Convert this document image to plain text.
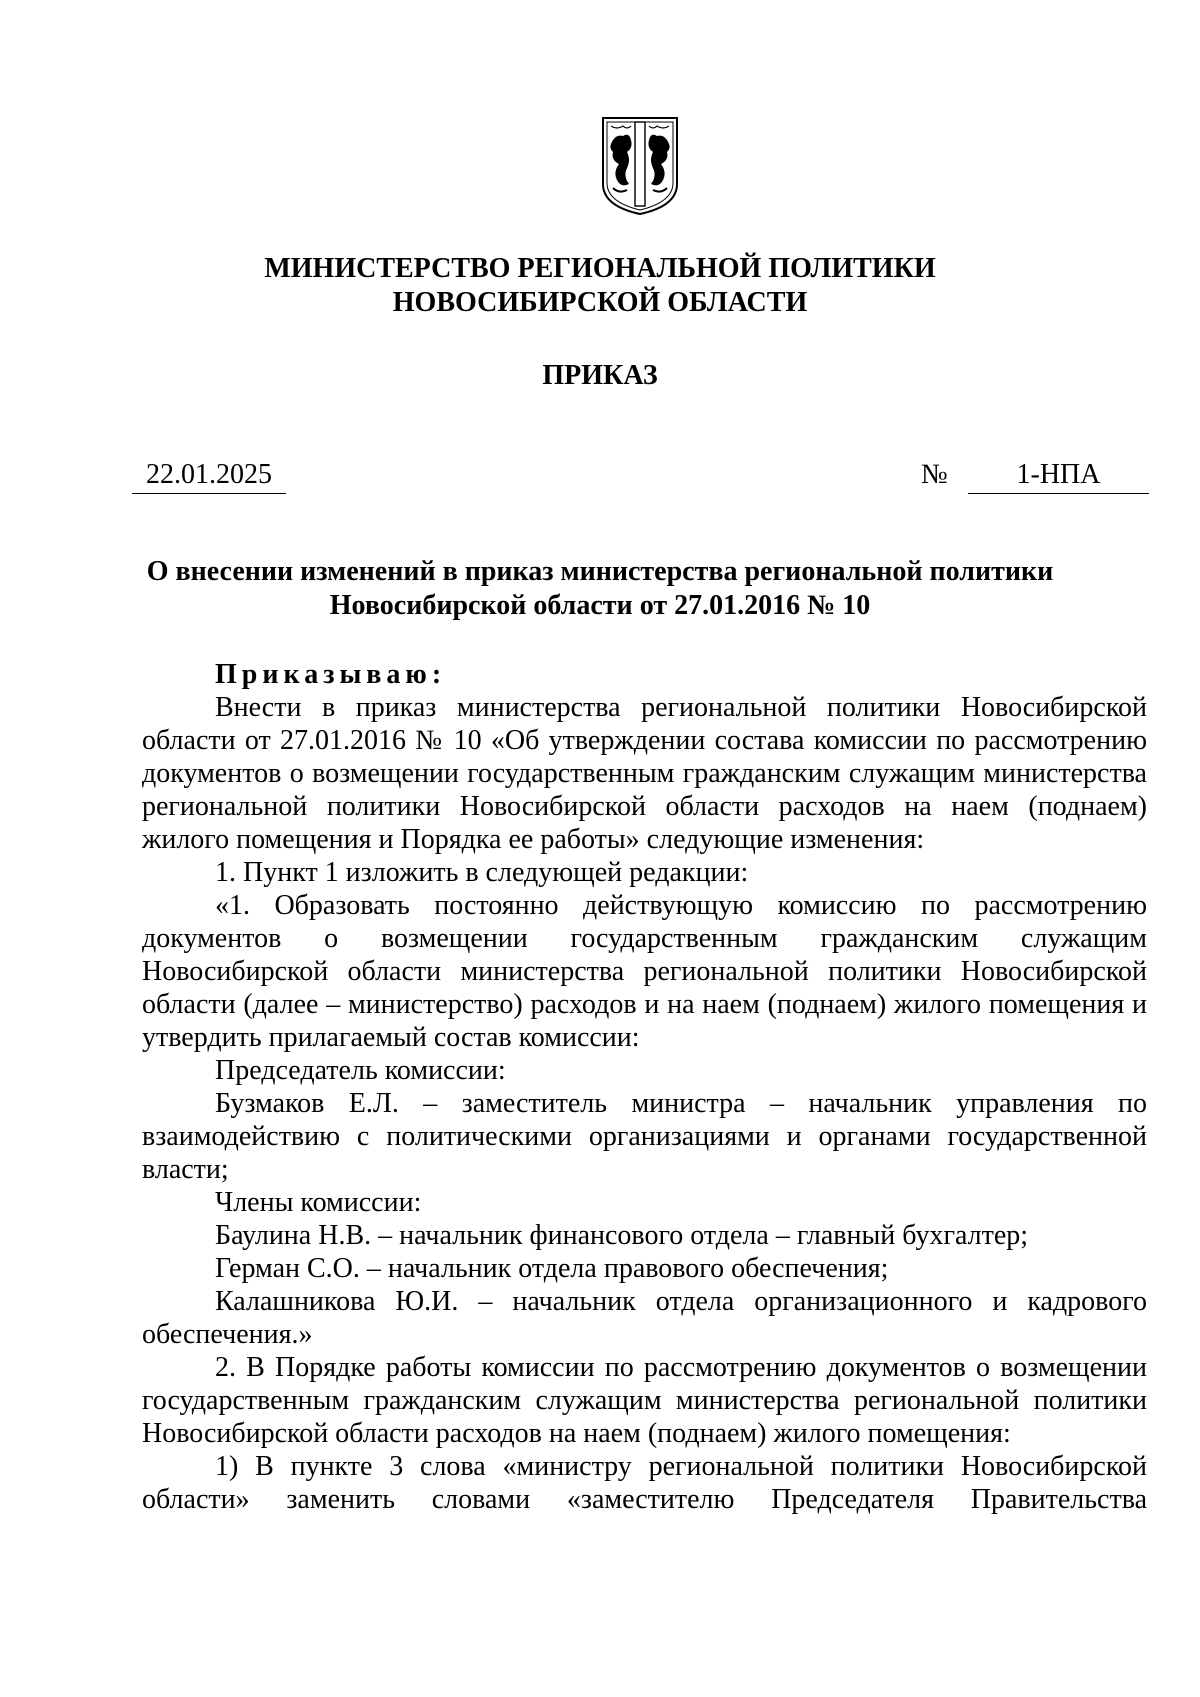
МИНИСТЕРСТВО РЕГИОНАЛЬНОЙ ПОЛИТИКИ
НОВОСИБИРСКОЙ ОБЛАСТИ
ПРИКАЗ
22.01.2025	№	1-НПА
О внесении изменений в приказ министерства региональной политики
Новосибирской области от 27.01.2016 № 10

Приказываю:

Внести в приказ министерства региональной политики Новосибирской области от 27.01.2016 № 10 «Об утверждении состава комиссии по рассмотрению документов о возмещении государственным гражданским служащим министерства региональной политики Новосибирской области расходов на наем (поднаем) жилого помещения и Порядка ее работы» следующие изменения:

1. Пункт 1 изложить в следующей редакции:

«1. Образовать постоянно действующую комиссию по рассмотрению документов о возмещении государственным гражданским служащим Новосибирской области министерства региональной политики Новосибирской области (далее – министерство) расходов и на наем (поднаем) жилого помещения и утвердить прилагаемый состав комиссии:

Председатель комиссии:

Бузмаков Е.Л. – заместитель министра – начальник управления по взаимодействию с политическими организациями и органами государственной власти;

Члены комиссии:

Баулина Н.В. – начальник финансового отдела – главный бухгалтер;

Герман С.О. – начальник отдела правового обеспечения;

Калашникова Ю.И. – начальник отдела организационного и кадрового обеспечения.»

2. В Порядке работы комиссии по рассмотрению документов о возмещении государственным гражданским служащим министерства региональной политики Новосибирской области расходов на наем (поднаем) жилого помещения:

1) В пункте 3 слова «министру региональной политики Новосибирской области» заменить словами «заместителю Председателя Правительства
